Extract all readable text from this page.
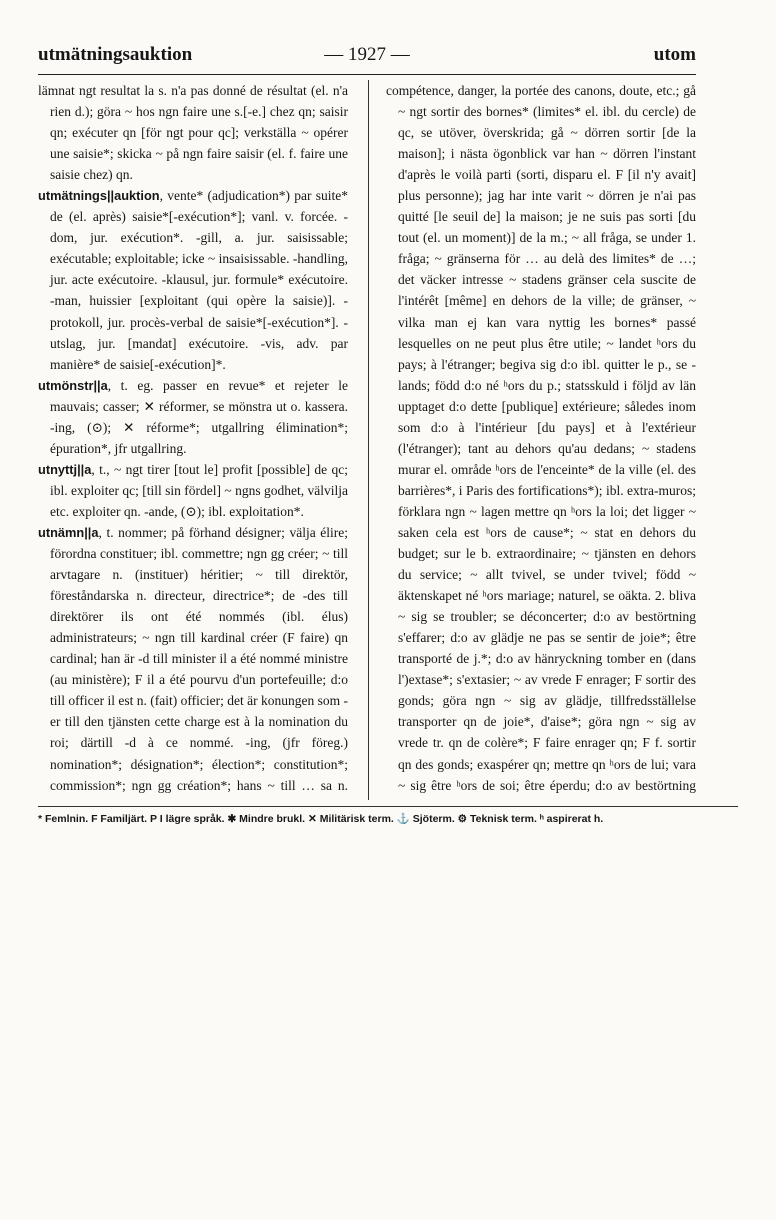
utmätningsauktion	— 1927 —	utom

lämnat ngt resultat la s. n'a pas donné de résultat (el. n'a rien d.); göra ~ hos ngn faire une s.[-e.] chez qn; saisir qn; exécuter qn [för ngt pour qc]; verkställa ~ opérer une saisie*; skicka ~ på ngn faire saisir (el. f. faire une saisie chez) qn.

utmätnings||auktion, vente* (adjudication*) par suite* de (el. après) saisie*[-exécution*]; vanl. v. forcée. -dom, jur. exécution*. -gill, a. jur. saisissable; exécutable; exploitable; icke ~ insaisissable. -handling, jur. acte exécutoire. -klausul, jur. formule* exécutoire. -man, huissier [exploitant (qui opère la saisie)]. -protokoll, jur. procès-verbal de saisie*[-exécution*]. -utslag, jur. [mandat] exécutoire. -vis, adv. par manière* de saisie[-exécution]*.

utmönstr||a, t. eg. passer en revue* et rejeter le mauvais; casser; ✕ réformer, se mönstra ut o. kassera. -ing, (⊙); ✕ réforme*; utgallring élimination*; épuration*, jfr utgallring.

utnyttj||a, t., ~ ngt tirer [tout le] profit [possible] de qc; ibl. exploiter qc; [till sin fördel] ~ ngns godhet, välvilja etc. exploiter qn. -ande, (⊙); ibl. exploitation*.

utnämn||a, t. nommer; på förhand désigner; välja élire; förordna constituer; ibl. commettre; ngn gg créer; ~ till arvtagare n. (instituer) héritier; ~ till direktör, föreståndarska n. directeur, directrice*; de -des till direktörer ils ont été nommés (ibl. élus) administrateurs; ~ ngn till kardinal créer (F faire) qn cardinal; han är -d till minister il a été nommé ministre (au ministère); F il a été pourvu d'un portefeuille; d:o till officer il est n. (fait) officier; det är konungen som -er till den tjänsten cette charge est à la nomination du roi; därtill -d à ce nommé. -ing, (jfr föreg.) nomination*; désignation*; élection*; constitution*; commission*; ngn gg création*; hans ~ till … sa n.

compétence, danger, la portée des canons, doute, etc.; gå ~ ngt sortir des bornes* (limites* el. ibl. du cercle) de qc, se utöver, överskrida; gå ~ dörren sortir [de la maison]; i nästa ögonblick var han ~ dörren l'instant d'après le voilà parti (sorti, disparu el. F [il n'y avait] plus personne); jag har inte varit ~ dörren je n'ai pas quitté [le seuil de] la maison; je ne suis pas sorti [du tout (el. un moment)] de la m.; ~ all fråga, se under 1. fråga; ~ gränserna för … au delà des limites* de …; det väcker intresse ~ stadens gränser cela suscite de l'intérêt [même] en dehors de la ville; de gränser, ~ vilka man ej kan vara nyttig les bornes* passé lesquelles on ne peut plus être utile; ~ landet ʰors du pays; à l'étranger; begiva sig d:o ibl. quitter le p., se -lands; född d:o né ʰors du p.; statsskuld i följd av län upptaget d:o dette [publique] extérieure; således inom som d:o à l'intérieur [du pays] et à l'extérieur (l'étranger); tant au dehors qu'au dedans; ~ stadens murar el. område ʰors de l'enceinte* de la ville (el. des barrières*, i Paris des fortifications*); ibl. extra-muros; förklara ngn ~ lagen mettre qn ʰors la loi; det ligger ~ saken cela est ʰors de cause*; ~ stat en dehors du budget; sur le b. extraordinaire; ~ tjänsten en dehors du service; ~ allt tvivel, se under tvivel; född ~ äktenskapet né ʰors mariage; naturel, se oäkta. 2. bliva ~ sig se troubler; se déconcerter; d:o av bestörtning s'effarer; d:o av glädje ne pas se sentir de joie*; être transporté de j.*; d:o av hänryckning tomber en (dans l')extase*; s'extasier; ~ av vrede F enrager; F sortir des gonds; göra ngn ~ sig av glädje, tillfredsställelse transporter qn de joie*, d'aise*; göra ngn ~ sig av vrede tr. qn de colère*; F faire enrager qn; F f. sortir qn des gonds; exaspérer qn; mettre qn ʰors de lui; vara ~ sig être ʰors de soi; être éperdu; d:o av bestörtning

* Femlnin. F Familjärt. P I lägre språk. ✱ Mindre brukl. ✕ Militärisk term. ⚓ Sjöterm. ⚙ Teknisk term. ʰ aspirerat h.
